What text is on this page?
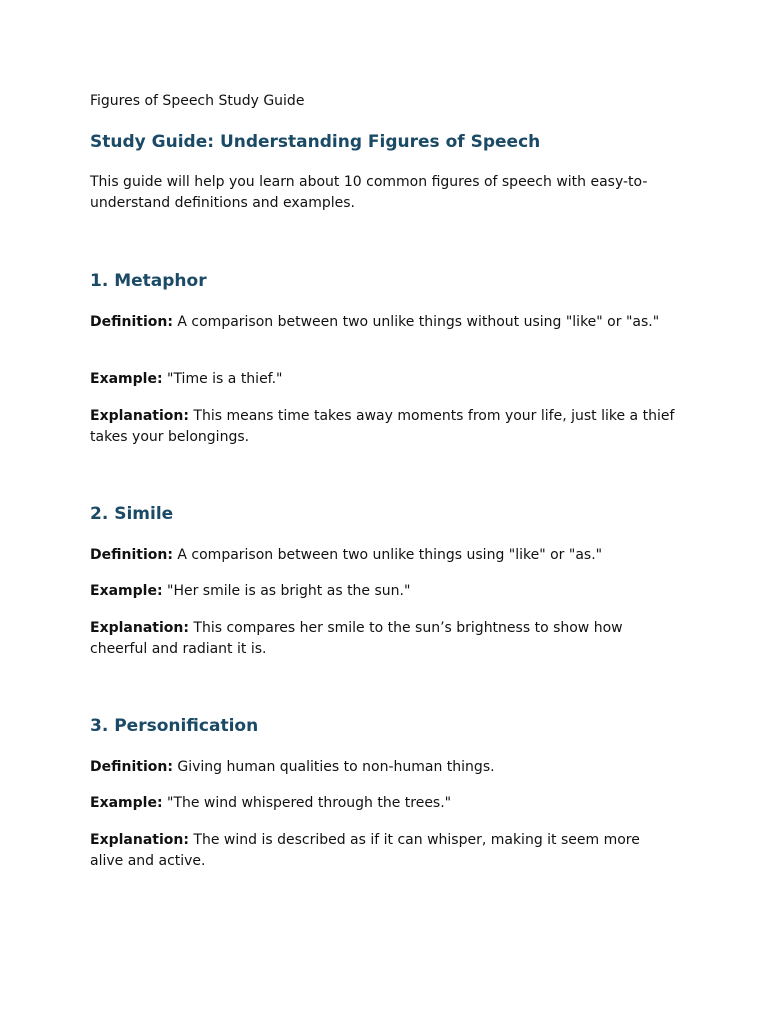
Figures of Speech Study Guide

Study Guide: Understanding Figures of Speech

This guide will help you learn about 10 common figures of speech with easy-to-understand definitions and examples.

1. Metaphor

Definition: A comparison between two unlike things without using "like" or "as."

Example: "Time is a thief."

Explanation: This means time takes away moments from your life, just like a thief takes your belongings.

2. Simile

Definition: A comparison between two unlike things using "like" or "as."

Example: "Her smile is as bright as the sun."

Explanation: This compares her smile to the sun’s brightness to show how cheerful and radiant it is.

3. Personification

Definition: Giving human qualities to non-human things.

Example: "The wind whispered through the trees."

Explanation: The wind is described as if it can whisper, making it seem more alive and active.
